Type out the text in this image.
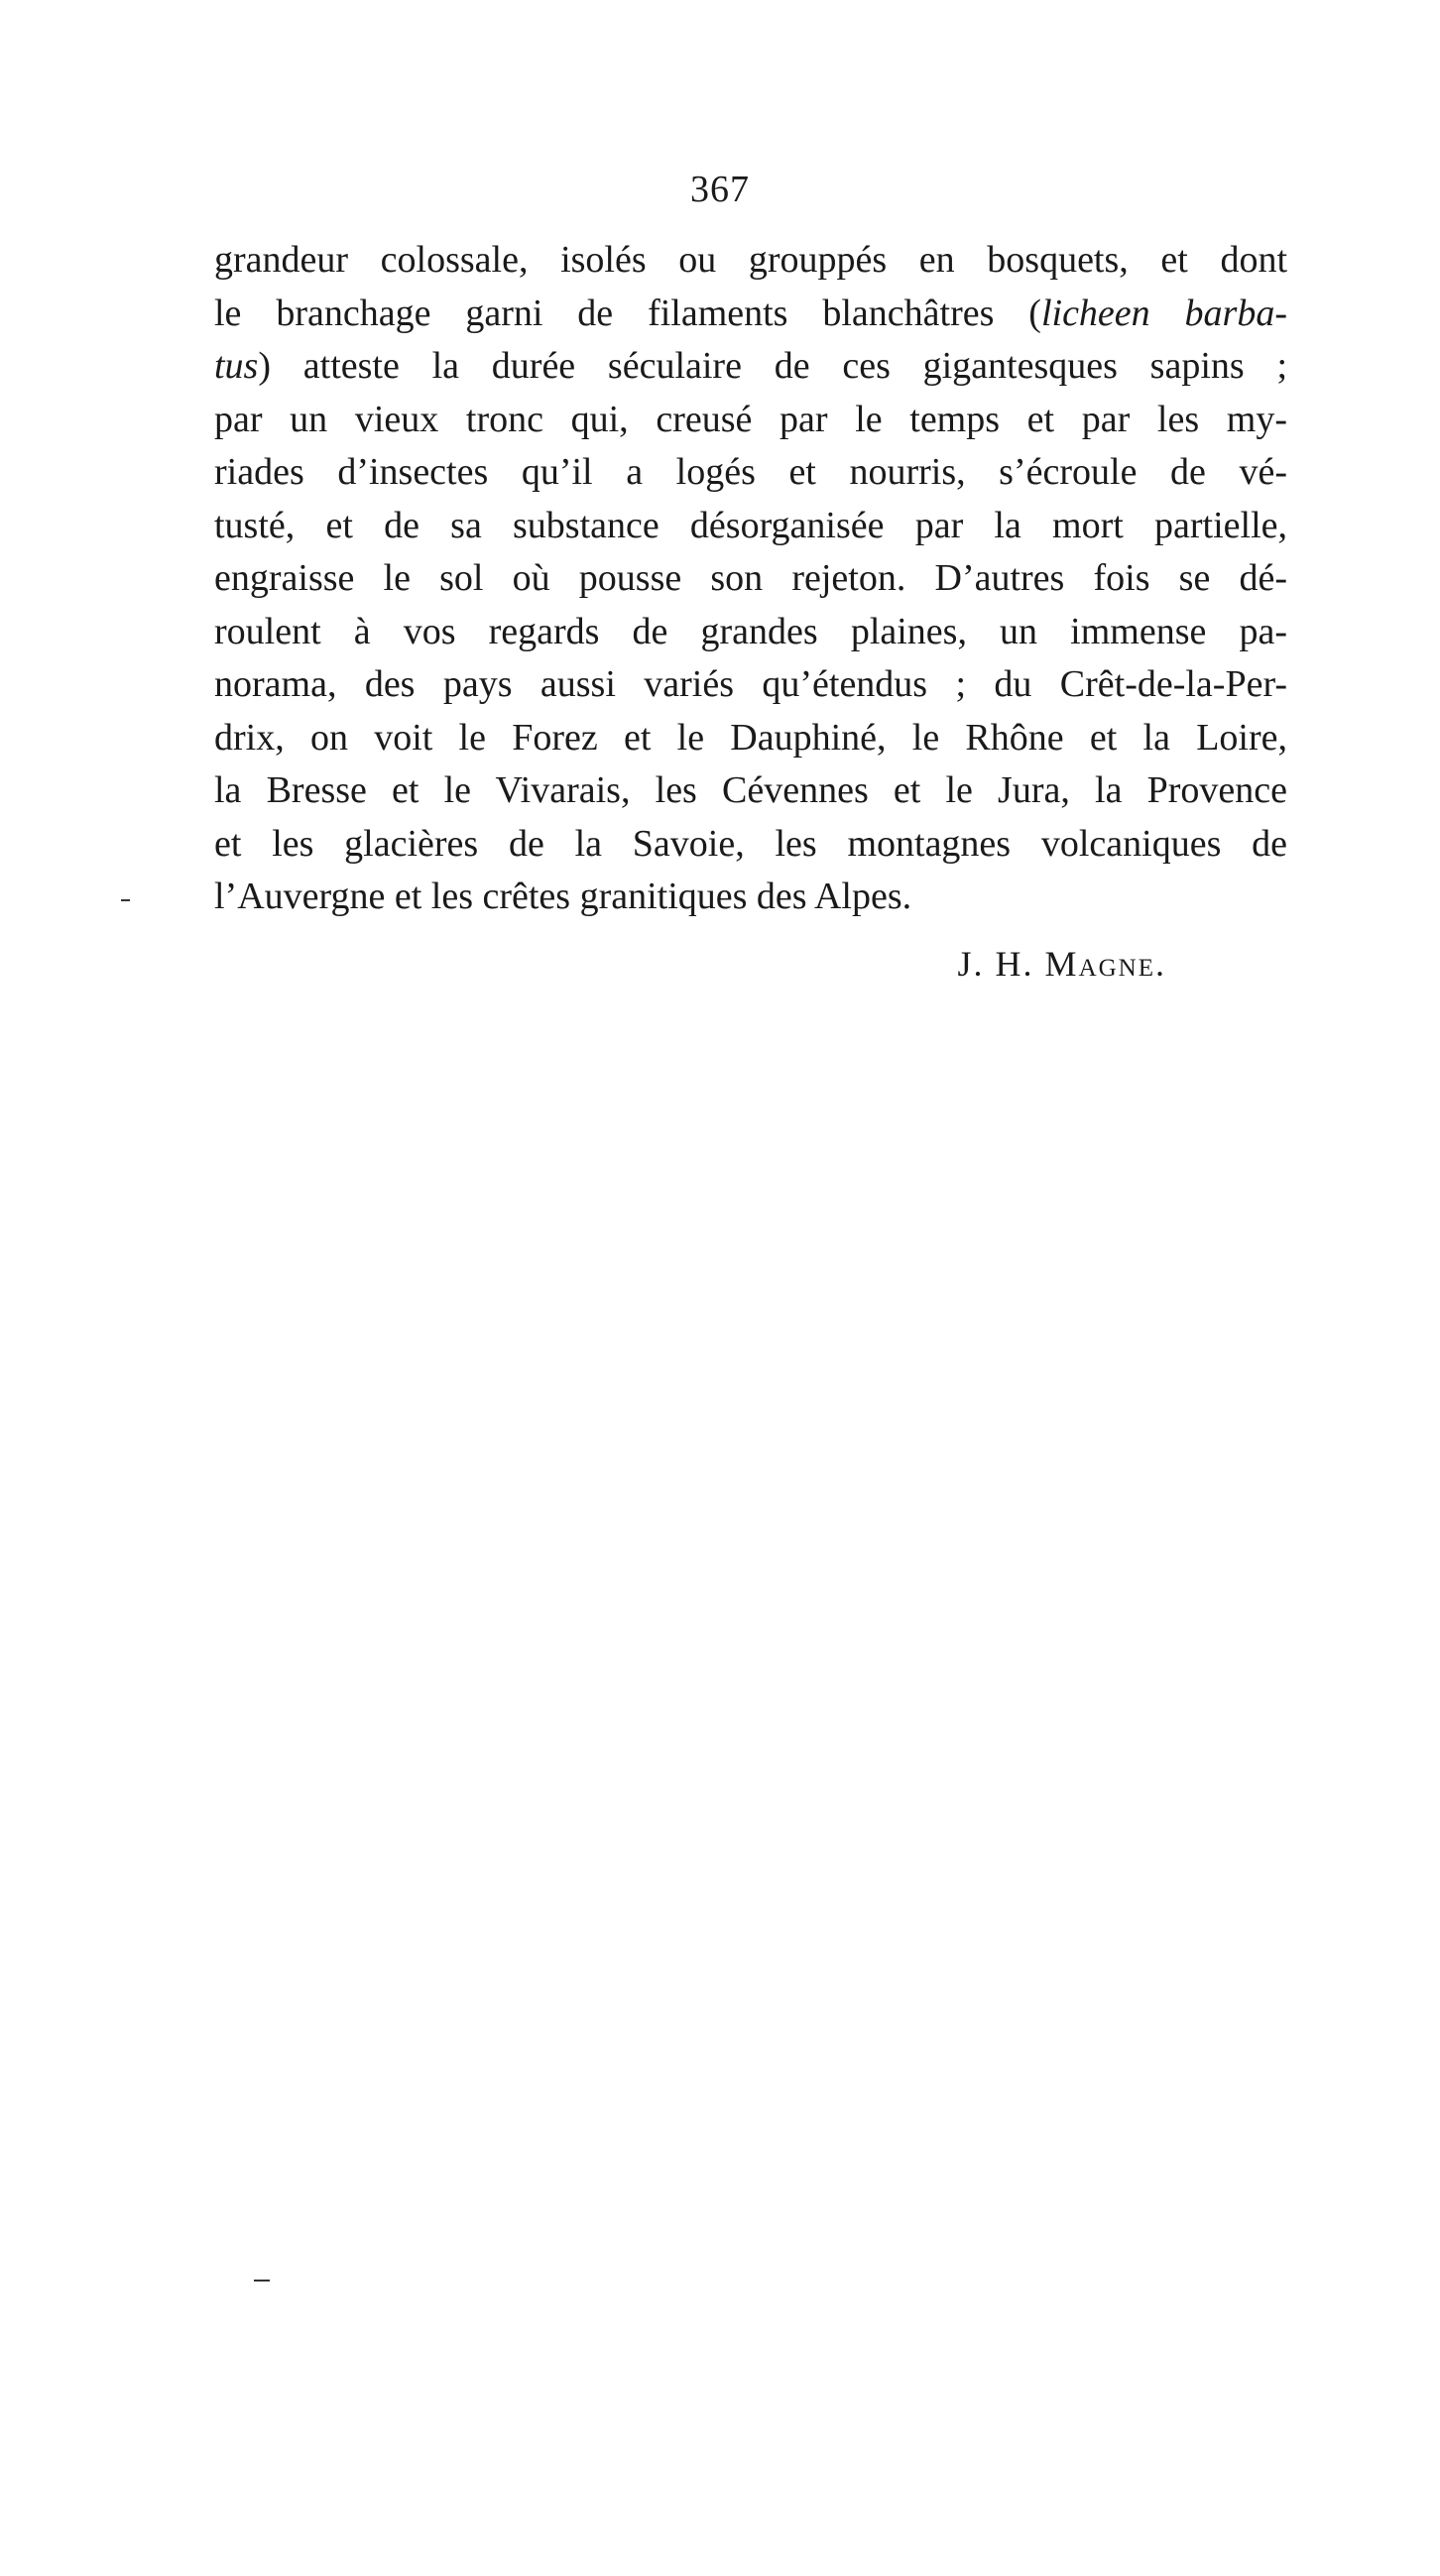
367
grandeur colossale, isolés ou grouppés en bosquets, et dont
le branchage garni de filaments blanchâtres (licheen barba-
tus) atteste la durée séculaire de ces gigantesques sapins ;
par un vieux tronc qui, creusé par le temps et par les my-
riades d’insectes qu’il a logés et nourris, s’écroule de vé-
tusté, et de sa substance désorganisée par la mort partielle,
engraisse le sol où pousse son rejeton. D’autres fois se dé-
roulent à vos regards de grandes plaines, un immense pa-
norama, des pays aussi variés qu’étendus ; du Crêt-de-la-Per-
drix, on voit le Forez et le Dauphiné, le Rhône et la Loire,
la Bresse et le Vivarais, les Cévennes et le Jura, la Provence
et les glacières de la Savoie, les montagnes volcaniques de
l’Auvergne et les crêtes granitiques des Alpes.
J. H. Magne.
